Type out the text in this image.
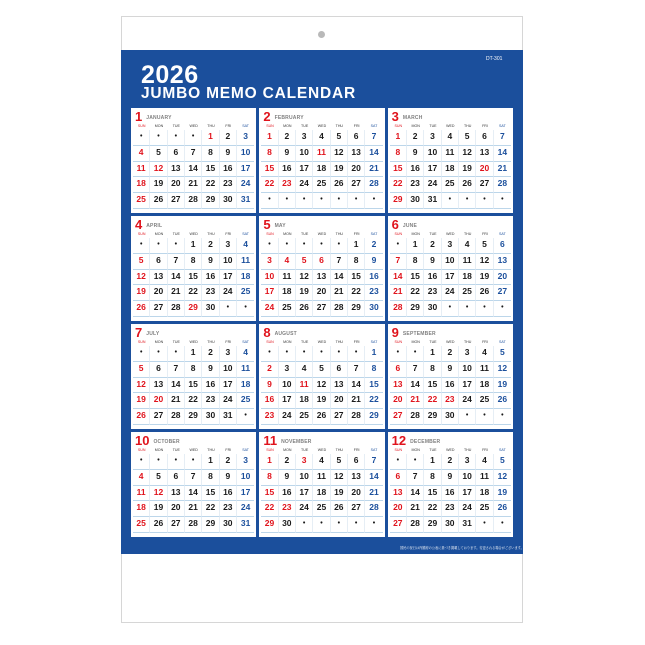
2026
JUMBO MEMO CALENDAR
DT-301
国民の祝日は内閣府の公表に基づき掲載しております。変更される場合がございます。
1 JANUARY
SUN	MON	TUE	WED	THU	FRI	SAT
•	•	•	•	1	2	3
4	5	6	7	8	9	10
11 12 13 14 15 16 17
18 19 20 21 22 23 24
25 26 27 28 29 30 31
2 FEBRUARY
SUN	MON	TUE	WED	THU	FRI	SAT
1	2	3	4	5	6	7
8	9	10 11 12 13 14
15 16 17 18 19 20 21
22 23 24 25 26 27 28
•	•	•	•	•	•	•
3 MARCH
SUN	MON	TUE	WED	THU	FRI	SAT
1	2	3	4	5	6	7
8	9	10 11 12 13 14
15 16 17 18 19 20 21
22 23 24 25 26 27 28
29 30 31	•	•	•	•
4 APRIL
SUN	MON	TUE	WED	THU	FRI	SAT
•	•	•	1	2	3	4
5	6	7	8	9	10	11
12 13 14 15 16 17 18
19 20 21 22 23 24 25
26 27 28 29 30	•	•
5 MAY
SUN	MON	TUE	WED	THU	FRI	SAT
•	•	•	•	•	1	2
3	4	5	6	7	8	9
10 11 12 13 14 15 16
17 18 19 20 21 22 23
24 25 26 27 28 29 30
6 JUNE
SUN	MON	TUE	WED	THU	FRI	SAT
•	1	2	3	4	5	6
7	8	9	10 11 12 13
14 15 16 17 18 19 20
21 22 23 24 25 26 27
28 29 30	•	•	•	•
7 JULY
SUN	MON	TUE	WED	THU	FRI	SAT
•	•	•	1	2	3	4
5	6	7	8	9	10	11
12 13 14 15 16 17 18
19 20 21 22 23 24 25
26 27 28 29 30 31	•
8 AUGUST
SUN	MON	TUE	WED	THU	FRI	SAT
•	•	•	•	•	•	1
2	3	4	5	6	7	8
9	10 11 12 13 14 15
16 17 18 19 20 21 22
23 24 25 26 27 28 29
9 SEPTEMBER
SUN	MON	TUE	WED	THU	FRI	SAT
•	•	1	2	3	4	5
6	7	8	9	10 11	12
13 14 15 16 17 18 19
20 21 22 23 24 25 26
27 28 29 30	•	•	•
10 OCTOBER
SUN	MON	TUE	WED	THU	FRI	SAT
•	•	•	•	1	2	3
4	5	6	7	8	9	10
11 12 13 14 15 16 17
18 19 20 21 22 23 24
25 26 27 28 29 30 31
11 NOVEMBER
SUN	MON	TUE	WED	THU	FRI	SAT
1	2	3	4	5	6	7
8	9	10 11 12 13 14
15 16 17 18 19 20 21
22 23 24 25 26 27 28
29 30	•	•	•	•	•
12 DECEMBER
SUN	MON	TUE	WED	THU	FRI	SAT
•	•	1	2	3	4	5
6	7	8	9	10 11	12
13 14 15 16 17 18 19
20 21 22 23 24 25 26
27 28 29 30 31	•	•
